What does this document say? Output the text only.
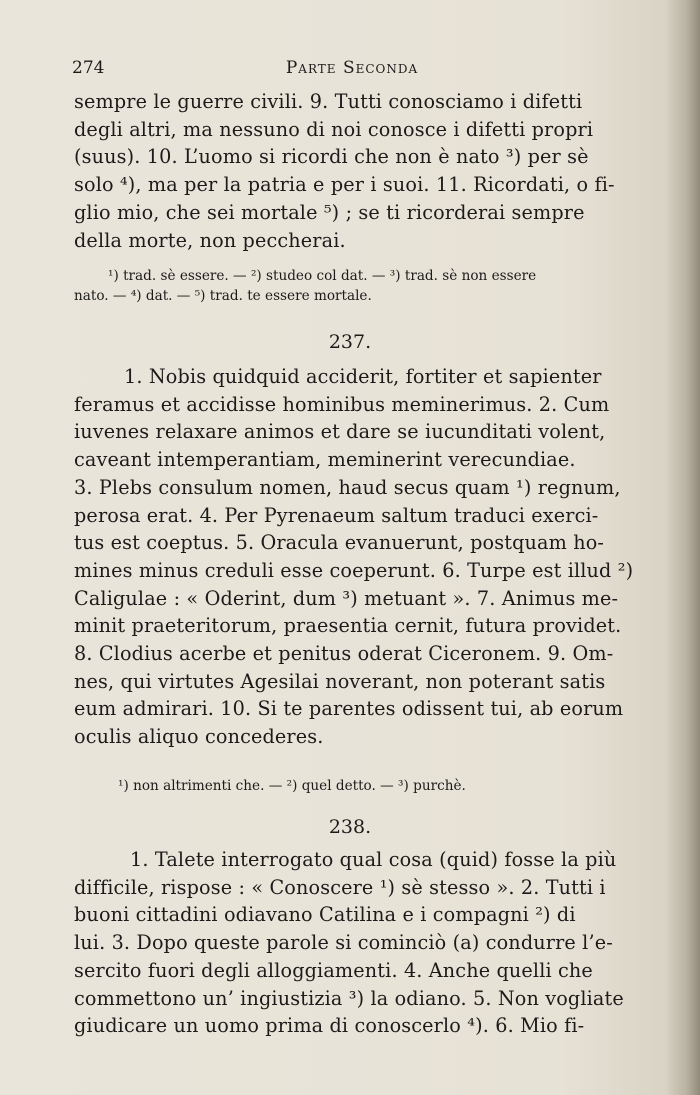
274	Parte Seconda
sempre le guerre civili. 9. Tutti conosciamo i difetti
degli altri, ma nessuno di noi conosce i difetti propri
(suus). 10. L’uomo si ricordi che non è nato ³) per sè
solo ⁴), ma per la patria e per i suoi. 11. Ricordati, o fi-
glio mio, che sei mortale ⁵) ; se ti ricorderai sempre
della morte, non peccherai.
¹) trad. sè essere. — ²) studeo col dat. — ³) trad. sè non essere
nato. — ⁴) dat. — ⁵) trad. te essere mortale.
237.
1. Nobis quidquid acciderit, fortiter et sapienter
feramus et accidisse hominibus meminerimus. 2. Cum
iuvenes relaxare animos et dare se iucunditati volent,
caveant intemperantiam, meminerint verecundiae.
3. Plebs consulum nomen, haud secus quam ¹) regnum,
perosa erat. 4. Per Pyrenaeum saltum traduci exerci-
tus est coeptus. 5. Oracula evanuerunt, postquam ho-
mines minus creduli esse coeperunt. 6. Turpe est illud ²)
Caligulae : « Oderint, dum ³) metuant ». 7. Animus me-
minit praeteritorum, praesentia cernit, futura providet.
8. Clodius acerbe et penitus oderat Ciceronem. 9. Om-
nes, qui virtutes Agesilai noverant, non poterant satis
eum admirari. 10. Si te parentes odissent tui, ab eorum
oculis aliquo concederes.
¹) non altrimenti che. — ²) quel detto. — ³) purchè.
238.
1. Talete interrogato qual cosa (quid) fosse la più
difficile, rispose : « Conoscere ¹) sè stesso ». 2. Tutti i
buoni cittadini odiavano Catilina e i compagni ²) di
lui. 3. Dopo queste parole si cominciò (a) condurre l’e-
sercito fuori degli alloggiamenti. 4. Anche quelli che
commettono un’ ingiustizia ³) la odiano. 5. Non vogliate
giudicare un uomo prima di conoscerlo ⁴). 6. Mio fi-
